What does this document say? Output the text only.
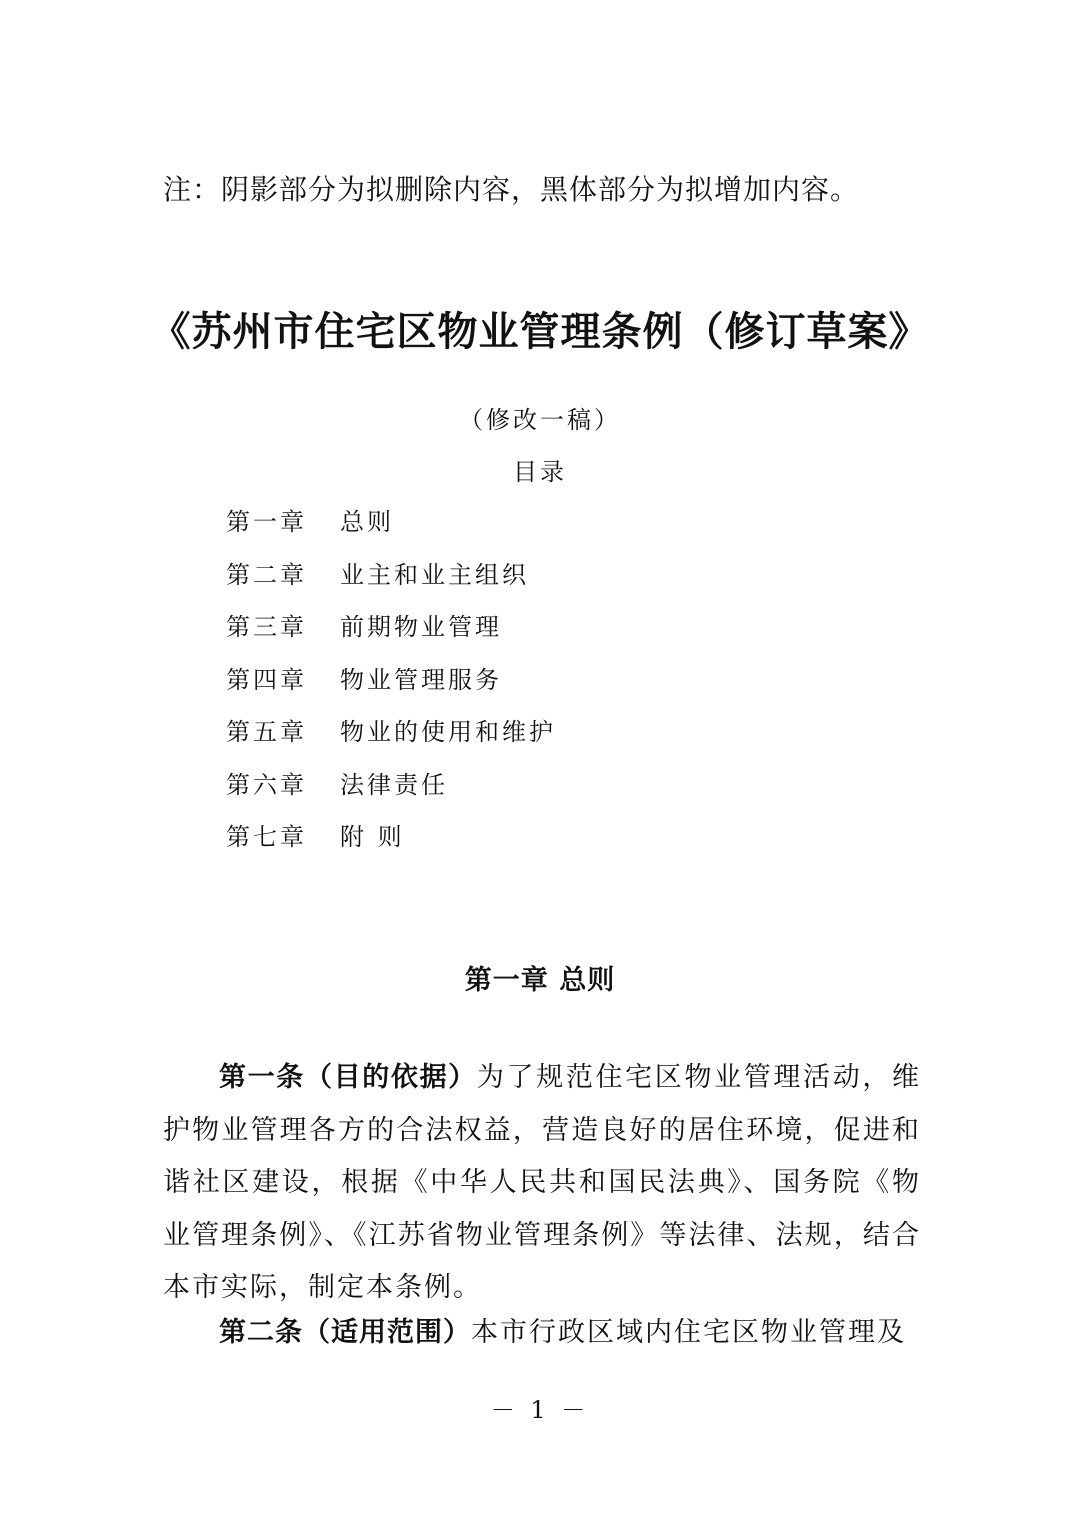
注：阴影部分为拟删除内容，黑体部分为拟增加内容。
《苏州市住宅区物业管理条例（修订草案》
（修改一稿）
目录
第一章 总则
第二章 业主和业主组织
第三章 前期物业管理
第四章 物业管理服务
第五章 物业的使用和维护
第六章 法律责任
第七章 附 则
第一章 总则

第一条（目的依据）为了规范住宅区物业管理活动，维护物业管理各方的合法权益，营造良好的居住环境，促进和谐社区建设，根据《中华人民共和国民法典》、国务院《物业管理条例》、《江苏省物业管理条例》等法律、法规，结合本市实际，制定本条例。

第二条（适用范围）本市行政区域内住宅区物业管理及

－ 1 －
